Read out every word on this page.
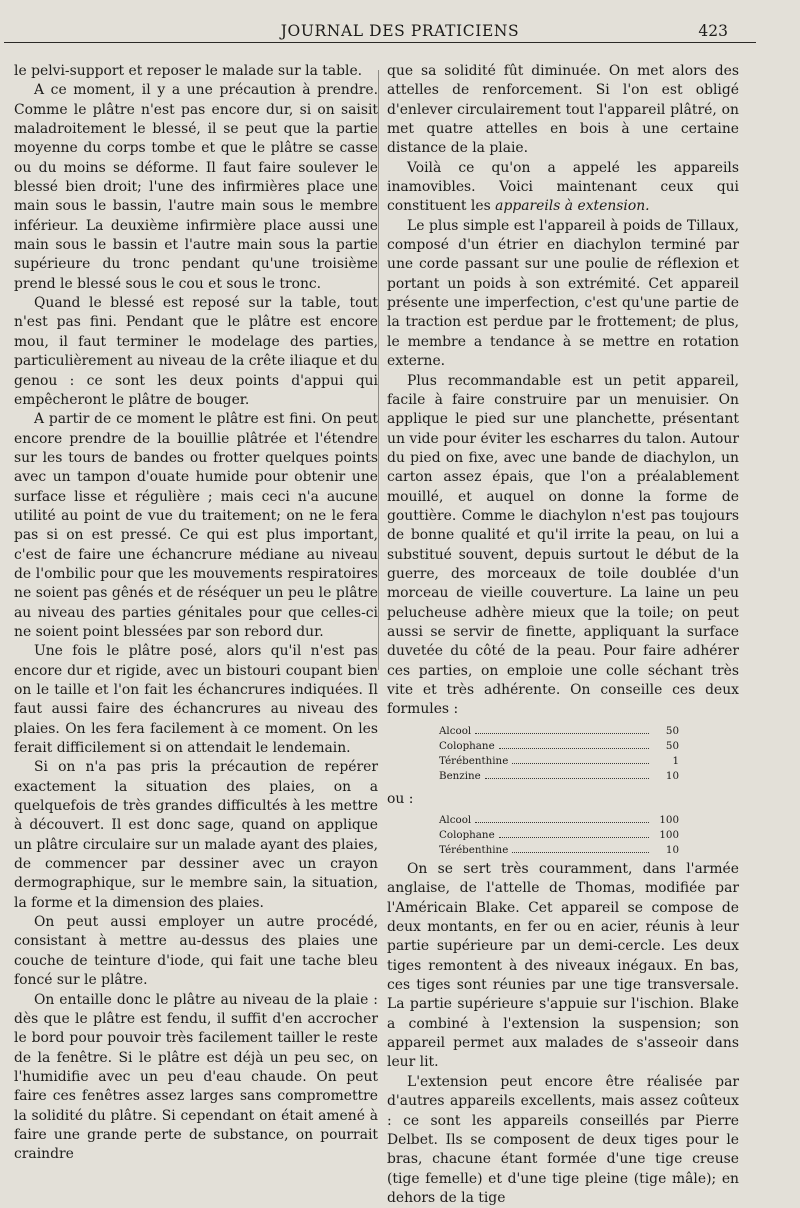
JOURNAL DES PRATICIENS	423

le pelvi-support et reposer le malade sur la table.

A ce moment, il y a une précaution à prendre. Comme le plâtre n'est pas encore dur, si on saisit maladroitement le blessé, il se peut que la partie moyenne du corps tombe et que le plâtre se casse ou du moins se déforme. Il faut faire soulever le blessé bien droit; l'une des infirmières place une main sous le bassin, l'autre main sous le membre inférieur. La deuxième infirmière place aussi une main sous le bassin et l'autre main sous la partie supérieure du tronc pendant qu'une troisième prend le blessé sous le cou et sous le tronc.

Quand le blessé est reposé sur la table, tout n'est pas fini. Pendant que le plâtre est encore mou, il faut terminer le modelage des parties, particulièrement au niveau de la crête iliaque et du genou : ce sont les deux points d'appui qui empêcheront le plâtre de bouger.

A partir de ce moment le plâtre est fini. On peut encore prendre de la bouillie plâtrée et l'étendre sur les tours de bandes ou frotter quelques points avec un tampon d'ouate humide pour obtenir une surface lisse et régulière ; mais ceci n'a aucune utilité au point de vue du traitement; on ne le fera pas si on est pressé. Ce qui est plus important, c'est de faire une échancrure médiane au niveau de l'ombilic pour que les mouvements respiratoires ne soient pas gênés et de réséquer un peu le plâtre au niveau des parties génitales pour que celles-ci ne soient point blessées par son rebord dur.

Une fois le plâtre posé, alors qu'il n'est pas encore dur et rigide, avec un bistouri coupant bien on le taille et l'on fait les échancrures indiquées. Il faut aussi faire des échancrures au niveau des plaies. On les fera facilement à ce moment. On les ferait difficilement si on attendait le lendemain.

Si on n'a pas pris la précaution de repérer exactement la situation des plaies, on a quelquefois de très grandes difficultés à les mettre à découvert. Il est donc sage, quand on applique un plâtre circulaire sur un malade ayant des plaies, de commencer par dessiner avec un crayon dermographique, sur le membre sain, la situation, la forme et la dimension des plaies.

On peut aussi employer un autre procédé, consistant à mettre au-dessus des plaies une couche de teinture d'iode, qui fait une tache bleu foncé sur le plâtre.

On entaille donc le plâtre au niveau de la plaie : dès que le plâtre est fendu, il suffit d'en accrocher le bord pour pouvoir très facilement tailler le reste de la fenêtre. Si le plâtre est déjà un peu sec, on l'humidifie avec un peu d'eau chaude. On peut faire ces fenêtres assez larges sans compromettre la solidité du plâtre. Si cependant on était amené à faire une grande perte de substance, on pourrait craindre

que sa solidité fût diminuée. On met alors des attelles de renforcement. Si l'on est obligé d'enlever circulairement tout l'appareil plâtré, on met quatre attelles en bois à une certaine distance de la plaie.

Voilà ce qu'on a appelé les appareils inamovibles. Voici maintenant ceux qui constituent les appareils à extension.

Le plus simple est l'appareil à poids de Tillaux, composé d'un étrier en diachylon terminé par une corde passant sur une poulie de réflexion et portant un poids à son extrémité. Cet appareil présente une imperfection, c'est qu'une partie de la traction est perdue par le frottement; de plus, le membre a tendance à se mettre en rotation externe.

Plus recommandable est un petit appareil, facile à faire construire par un menuisier. On applique le pied sur une planchette, présentant un vide pour éviter les escharres du talon. Autour du pied on fixe, avec une bande de diachylon, un carton assez épais, que l'on a préalablement mouillé, et auquel on donne la forme de gouttière. Comme le diachylon n'est pas toujours de bonne qualité et qu'il irrite la peau, on lui a substitué souvent, depuis surtout le début de la guerre, des morceaux de toile doublée d'un morceau de vieille couverture. La laine un peu pelucheuse adhère mieux que la toile; on peut aussi se servir de finette, appliquant la surface duvetée du côté de la peau. Pour faire adhérer ces parties, on emploie une colle séchant très vite et très adhérente. On conseille ces deux formules :

Alcool	50
Colophane	50
Térébenthine	1
Benzine	10

ou :

Alcool	100
Colophane	100
Térébenthine	10

On se sert très couramment, dans l'armée anglaise, de l'attelle de Thomas, modifiée par l'Américain Blake. Cet appareil se compose de deux montants, en fer ou en acier, réunis à leur partie supérieure par un demi-cercle. Les deux tiges remontent à des niveaux inégaux. En bas, ces tiges sont réunies par une tige transversale. La partie supérieure s'appuie sur l'ischion. Blake a combiné à l'extension la suspension; son appareil permet aux malades de s'asseoir dans leur lit.

L'extension peut encore être réalisée par d'autres appareils excellents, mais assez coûteux : ce sont les appareils conseillés par Pierre Delbet. Ils se composent de deux tiges pour le bras, chacune étant formée d'une tige creuse (tige femelle) et d'une tige pleine (tige mâle); en dehors de la tige
